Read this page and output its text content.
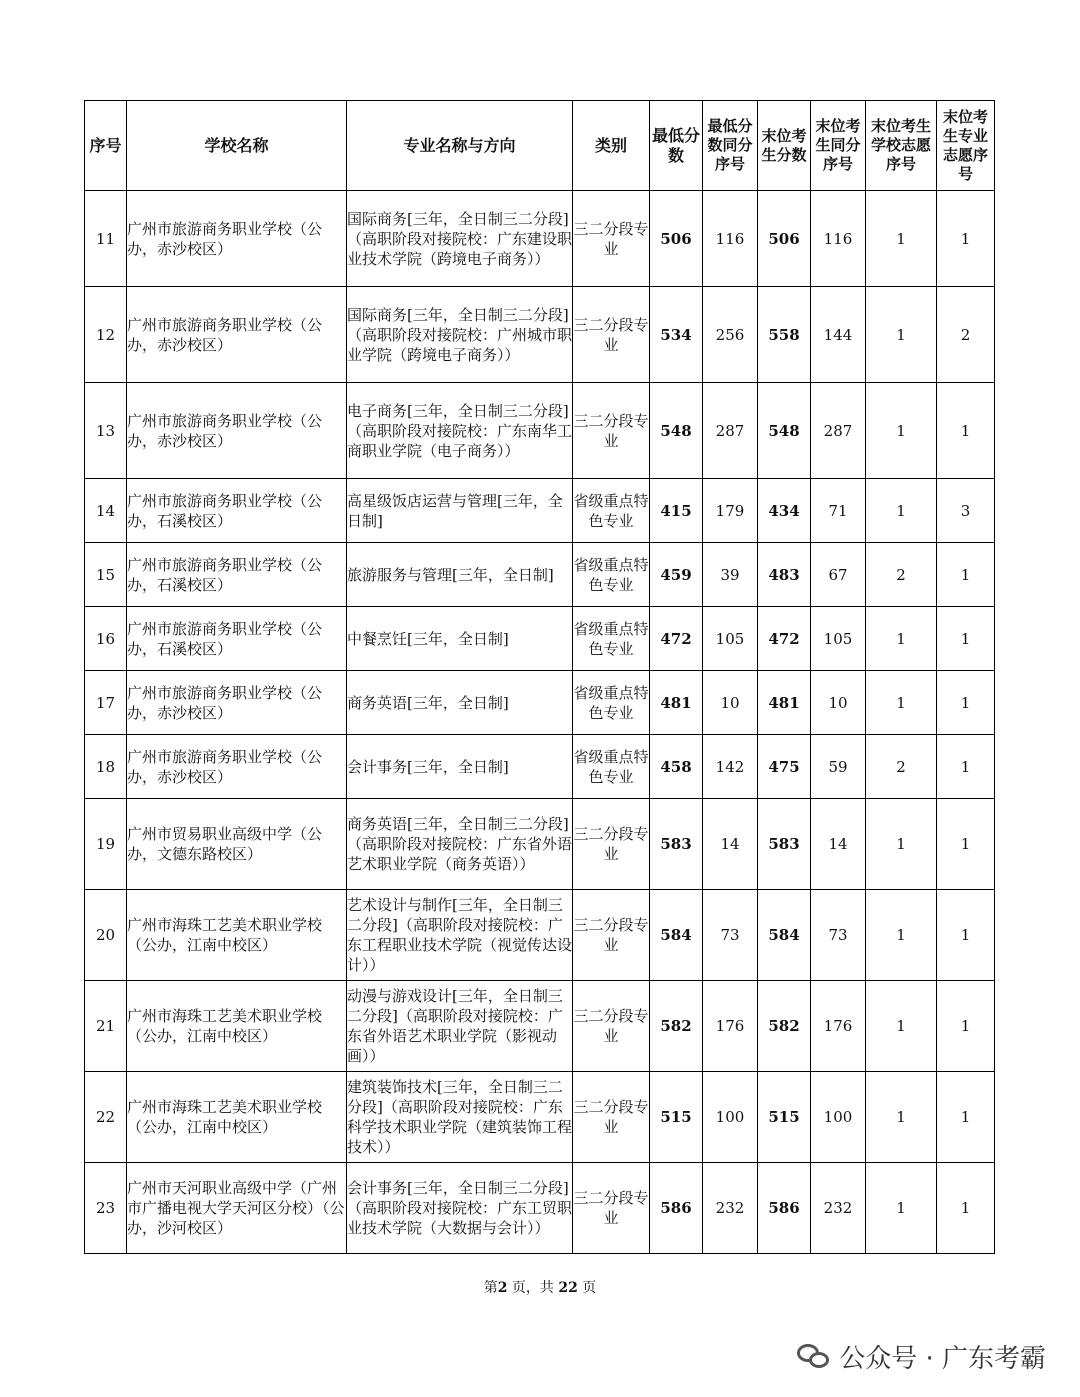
序号	学校名称	专业名称与方向	类别	最低分数	最低分数同分序号	末位考生分数	末位考生同分序号	末位考生学校志愿序号	末位考生专业志愿序号
11	广州市旅游商务职业学校（公办，赤沙校区）	国际商务[三年，全日制三二分段]（高职阶段对接院校：广东建设职业技术学院（跨境电子商务））	三二分段专业	506	116	506	116	1	1
12	广州市旅游商务职业学校（公办，赤沙校区）	国际商务[三年，全日制三二分段]（高职阶段对接院校：广州城市职业学院（跨境电子商务））	三二分段专业	534	256	558	144	1	2
13	广州市旅游商务职业学校（公办，赤沙校区）	电子商务[三年，全日制三二分段]（高职阶段对接院校：广东南华工商职业学院（电子商务））	三二分段专业	548	287	548	287	1	1
14	广州市旅游商务职业学校（公办，石溪校区）	高星级饭店运营与管理[三年，全日制]	省级重点特色专业	415	179	434	71	1	3
15	广州市旅游商务职业学校（公办，石溪校区）	旅游服务与管理[三年，全日制]	省级重点特色专业	459	39	483	67	2	1
16	广州市旅游商务职业学校（公办，石溪校区）	中餐烹饪[三年，全日制]	省级重点特色专业	472	105	472	105	1	1
17	广州市旅游商务职业学校（公办，赤沙校区）	商务英语[三年，全日制]	省级重点特色专业	481	10	481	10	1	1
18	广州市旅游商务职业学校（公办，赤沙校区）	会计事务[三年，全日制]	省级重点特色专业	458	142	475	59	2	1
19	广州市贸易职业高级中学（公办，文德东路校区）	商务英语[三年，全日制三二分段]（高职阶段对接院校：广东省外语艺术职业学院（商务英语））	三二分段专业	583	14	583	14	1	1
20	广州市海珠工艺美术职业学校（公办，江南中校区）	艺术设计与制作[三年，全日制三二分段]（高职阶段对接院校：广东工程职业技术学院（视觉传达设计））	三二分段专业	584	73	584	73	1	1
21	广州市海珠工艺美术职业学校（公办，江南中校区）	动漫与游戏设计[三年，全日制三二分段]（高职阶段对接院校：广东省外语艺术职业学院（影视动画））	三二分段专业	582	176	582	176	1	1
22	广州市海珠工艺美术职业学校（公办，江南中校区）	建筑装饰技术[三年，全日制三二分段]（高职阶段对接院校：广东科学技术职业学院（建筑装饰工程技术））	三二分段专业	515	100	515	100	1	1
23	广州市天河职业高级中学（广州市广播电视大学天河区分校）（公办，沙河校区）	会计事务[三年，全日制三二分段]（高职阶段对接院校：广东工贸职业技术学院（大数据与会计））	三二分段专业	586	232	586	232	1	1
第2 页，共 22 页
公众号 · 广东考霸
